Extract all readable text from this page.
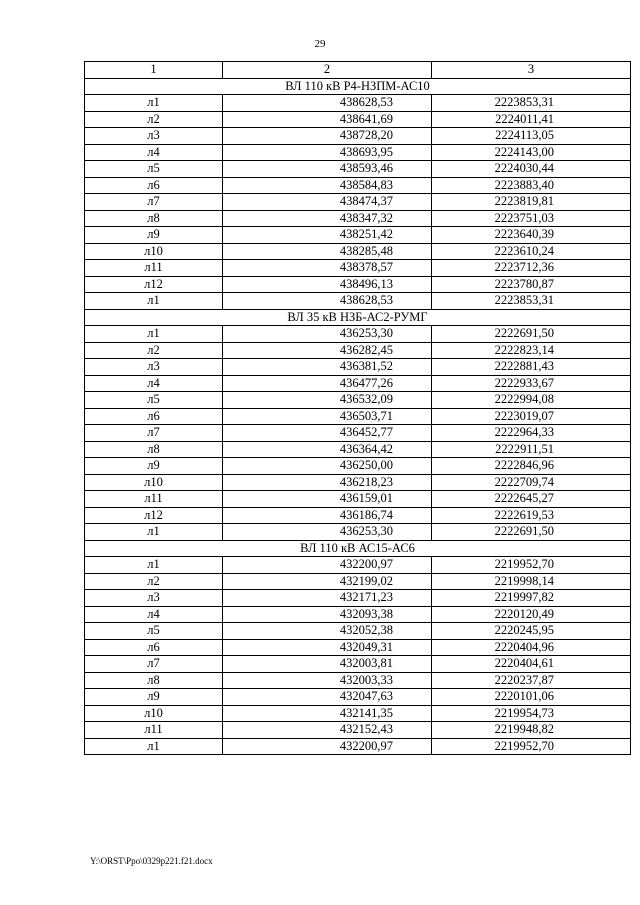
29
1	2	3
ВЛ 110 кВ Р4-НЗПМ-АС10		
л1	438628,53	2223853,31
л2	438641,69	2224011,41
л3	438728,20	2224113,05
л4	438693,95	2224143,00
л5	438593,46	2224030,44
л6	438584,83	2223883,40
л7	438474,37	2223819,81
л8	438347,32	2223751,03
л9	438251,42	2223640,39
л10	438285,48	2223610,24
л11	438378,57	2223712,36
л12	438496,13	2223780,87
л1	438628,53	2223853,31
ВЛ 35 кВ НЗБ-АС2-РУМГ		
л1	436253,30	2222691,50
л2	436282,45	2222823,14
л3	436381,52	2222881,43
л4	436477,26	2222933,67
л5	436532,09	2222994,08
л6	436503,71	2223019,07
л7	436452,77	2222964,33
л8	436364,42	2222911,51
л9	436250,00	2222846,96
л10	436218,23	2222709,74
л11	436159,01	2222645,27
л12	436186,74	2222619,53
л1	436253,30	2222691,50
ВЛ 110 кВ АС15-АС6		
л1	432200,97	2219952,70
л2	432199,02	2219998,14
л3	432171,23	2219997,82
л4	432093,38	2220120,49
л5	432052,38	2220245,95
л6	432049,31	2220404,96
л7	432003,81	2220404,61
л8	432003,33	2220237,87
л9	432047,63	2220101,06
л10	432141,35	2219954,73
л11	432152,43	2219948,82
л1	432200,97	2219952,70
Y:\ORST\Ppo\0329p221.f21.docx
